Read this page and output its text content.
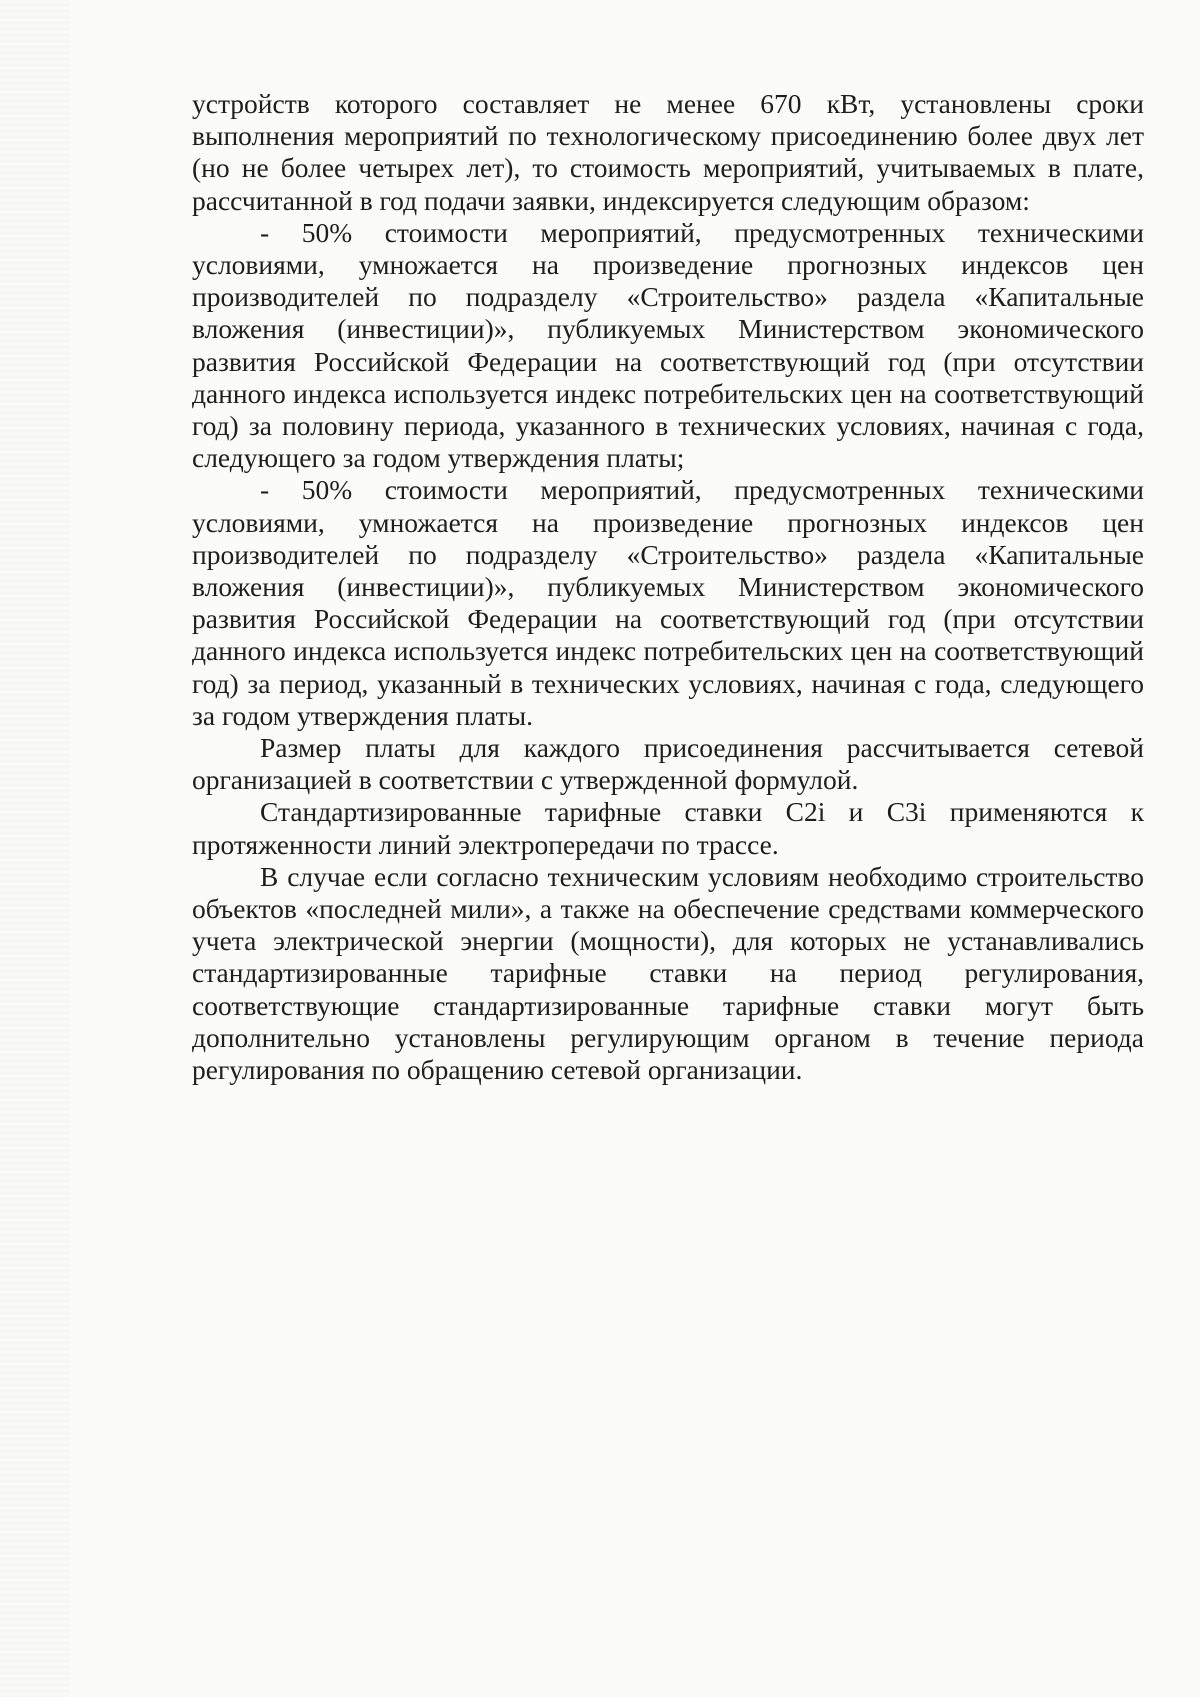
устройств которого составляет не менее 670 кВт, установлены сроки выполнения мероприятий по технологическому присоединению более двух лет (но не более четырех лет), то стоимость мероприятий, учитываемых в плате, рассчитанной в год подачи заявки, индексируется следующим образом:

- 50% стоимости мероприятий, предусмотренных техническими условиями, умножается на произведение прогнозных индексов цен производителей по подразделу «Строительство» раздела «Капитальные вложения (инвестиции)», публикуемых Министерством экономического развития Российской Федерации на соответствующий год (при отсутствии данного индекса используется индекс потребительских цен на соответствующий год) за половину периода, указанного в технических условиях, начиная с года, следующего за годом утверждения платы;

- 50% стоимости мероприятий, предусмотренных техническими условиями, умножается на произведение прогнозных индексов цен производителей по подразделу «Строительство» раздела «Капитальные вложения (инвестиции)», публикуемых Министерством экономического развития Российской Федерации на соответствующий год (при отсутствии данного индекса используется индекс потребительских цен на соответствующий год) за период, указанный в технических условиях, начиная с года, следующего за годом утверждения платы.

Размер платы для каждого присоединения рассчитывается сетевой организацией в соответствии с утвержденной формулой.

Стандартизированные тарифные ставки С2i и С3i применяются к протяженности линий электропередачи по трассе.

В случае если согласно техническим условиям необходимо строительство объектов «последней мили», а также на обеспечение средствами коммерческого учета электрической энергии (мощности), для которых не устанавливались стандартизированные тарифные ставки на период регулирования, соответствующие стандартизированные тарифные ставки могут быть дополнительно установлены регулирующим органом в течение периода регулирования по обращению сетевой организации.
